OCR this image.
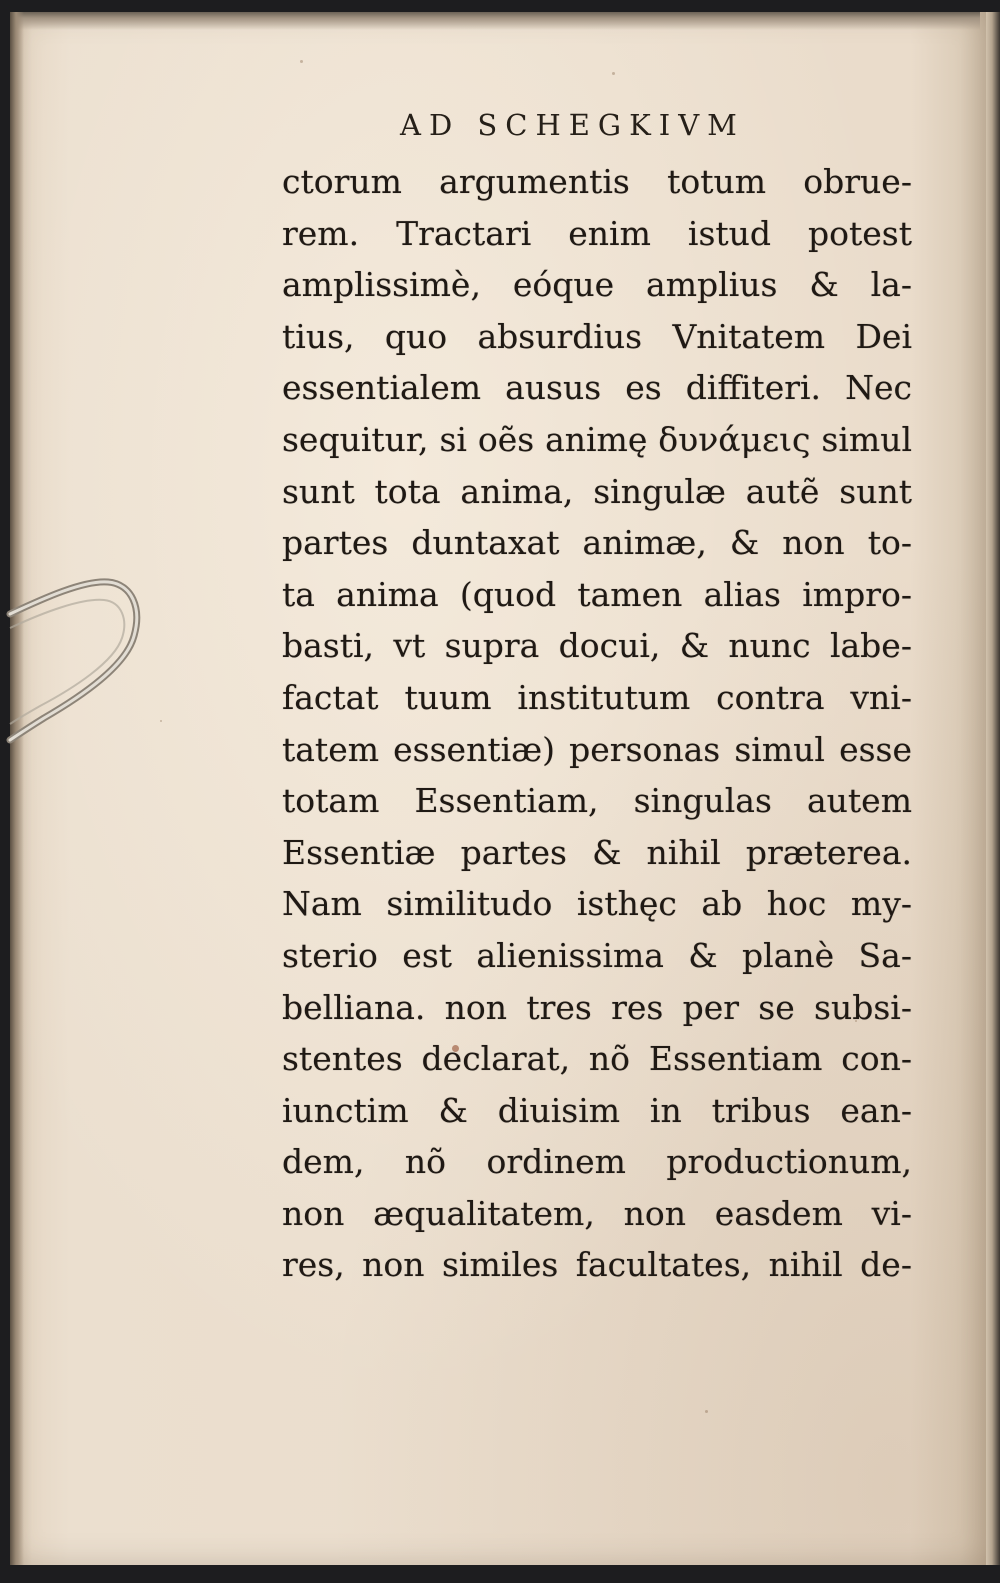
AD SCHEGKIVM
ctorum argumentis totum obrue-
rem. Tractari enim istud potest
amplissimè, eóque amplius & la-
tius, quo absurdius Vnitatem Dei
essentialem ausus es diffiteri. Nec
sequitur, si oẽs animę δυνάμεις simul
sunt tota anima, singulæ autẽ sunt
partes duntaxat animæ, & non to-
ta anima (quod tamen alias impro-
basti, vt supra docui, & nunc labe-
factat tuum institutum contra vni-
tatem essentiæ) personas simul esse
totam Essentiam, singulas autem
Essentiæ partes & nihil præterea.
Nam similitudo isthęc ab hoc my-
sterio est alienissima & planè Sa-
belliana. non tres res per se subsi-
stentes declarat, nõ Essentiam con-
iunctim & diuisim in tribus ean-
dem, nõ ordinem productionum,
non æqualitatem, non easdem vi-
res, non similes facultates, nihil de-
